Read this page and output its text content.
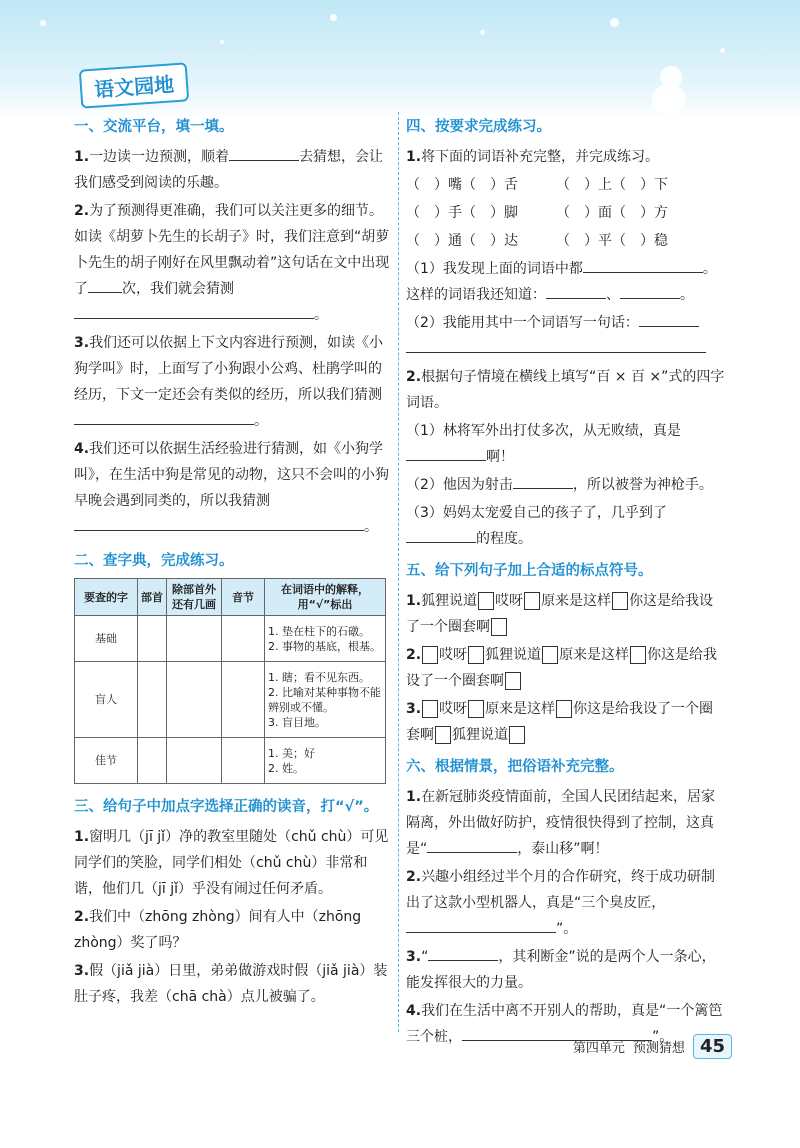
语文园地
一、交流平台，填一填。
1.一边读一边预测，顺着	去猜想，会让我们感受到阅读的乐趣。
2.为了预测得更准确，我们可以关注更多的细节。如读《胡萝卜先生的长胡子》时，我们注意到“胡萝卜先生的胡子刚好在风里飘动着”这句话在文中出现了 次，我们就会猜测。
3.我们还可以依据上下文内容进行预测，如读《小狗学叫》时，上面写了小狗跟小公鸡、杜鹃学叫的经历，下文一定还会有类似的经历，所以我们猜测。
4.我们还可以依据生活经验进行猜测，如《小狗学叫》，在生活中狗是常见的动物，这只不会叫的小狗早晚会遇到同类的，所以我猜测。
二、查字典，完成练习。
要查的字	部首	除部首外还有几画	音节	在词语中的解释，用“√”标出
基础				1. 垫在柱下的石礅。
2. 事物的基底，根基。

盲人				1. 瞎；看不见东西。
2. 比喻对某种事物不能辨别或不懂。
3. 盲目地。

佳节				1. 美；好
2. 姓。
三、给句子中加点字选择正确的读音，打“√”。
1.窗明几（jī jǐ）净的教室里随处（chǔ chù）可见同学们的笑脸，同学们相处（chǔ chù）非常和谐，他们几（jī jǐ）乎没有闹过任何矛盾。
2.我们中（zhōng zhòng）间有人中（zhōng zhòng）奖了吗？
3.假（jiǎ jià）日里，弟弟做游戏时假（jiǎ jià）装肚子疼，我差（chā chà）点儿被骗了。
四、按要求完成练习。
1.将下面的词语补充完整，并完成练习。
（　）嘴（　）舌	（　）上（　）下
（　）手（　）脚	（　）面（　）方
（　）通（　）达	（　）平（　）稳
（1）我发现上面的词语中都	。
这样的词语我还知道：	、	。
（2）我能用其中一个词语写一句话：

2.根据句子情境在横线上填写“百 × 百 ×”式的四字词语。
（1）林将军外出打仗多次，从无败绩，真是啊！
（2）他因为射击	，所以被誉为神枪手。
（3）妈妈太宠爱自己的孩子了，几乎到了的程度。
五、给下列句子加上合适的标点符号。
1.狐狸说道 哎呀 原来是这样 你这是给我设了一个圈套啊
2. 哎呀 狐狸说道 原来是这样 你这是给我设了一个圈套啊
3. 哎呀 原来是这样 你这是给我设了一个圈套啊 狐狸说道
六、根据情景，把俗语补充完整。
1.在新冠肺炎疫情面前，全国人民团结起来，居家隔离，外出做好防护，疫情很快得到了控制，这真是“	，泰山移”啊！
2.兴趣小组经过半个月的合作研究，终于成功研制出了这款小型机器人，真是“三个臭皮匠，”。
3.“	，其利断金”说的是两个人一条心，能发挥很大的力量。
4.我们在生活中离不开别人的帮助，真是“一个篱笆三个桩，	”。
第四单元 预测猜想 45
